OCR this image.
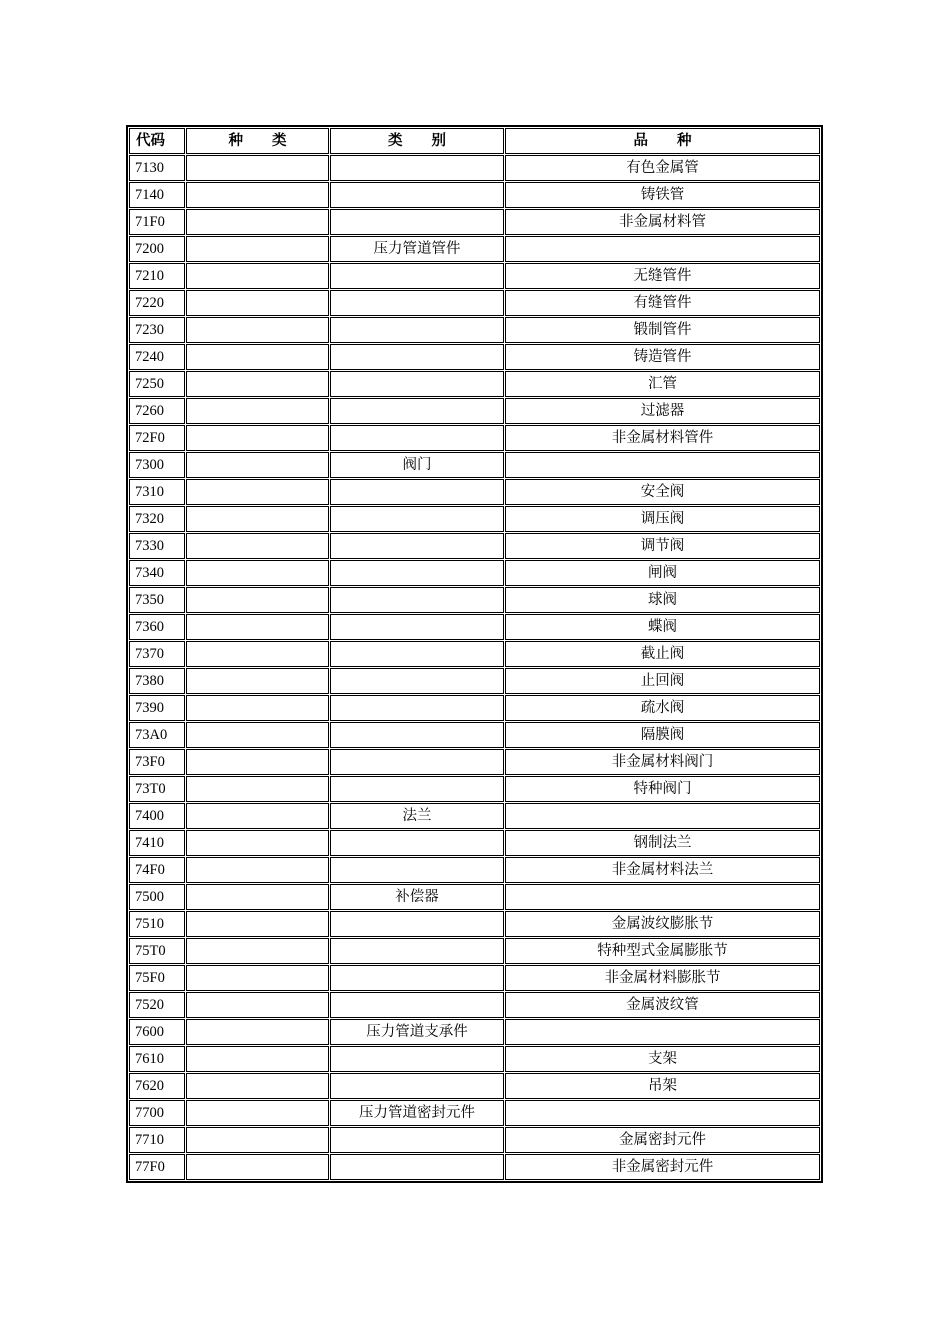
代码	种　　类	类　　别	品　　种
7130			有色金属管
7140			铸铁管
71F0			非金属材料管
7200		压力管道管件	
7210			无缝管件
7220			有缝管件
7230			锻制管件
7240			铸造管件
7250			汇管
7260			过滤器
72F0			非金属材料管件
7300		阀门	
7310			安全阀
7320			调压阀
7330			调节阀
7340			闸阀
7350			球阀
7360			蝶阀
7370			截止阀
7380			止回阀
7390			疏水阀
73A0			隔膜阀
73F0			非金属材料阀门
73T0			特种阀门
7400		法兰	
7410			钢制法兰
74F0			非金属材料法兰
7500		补偿器	
7510			金属波纹膨胀节
75T0			特种型式金属膨胀节
75F0			非金属材料膨胀节
7520			金属波纹管
7600		压力管道支承件	
7610			支架
7620			吊架
7700		压力管道密封元件	
7710			金属密封元件
77F0			非金属密封元件
